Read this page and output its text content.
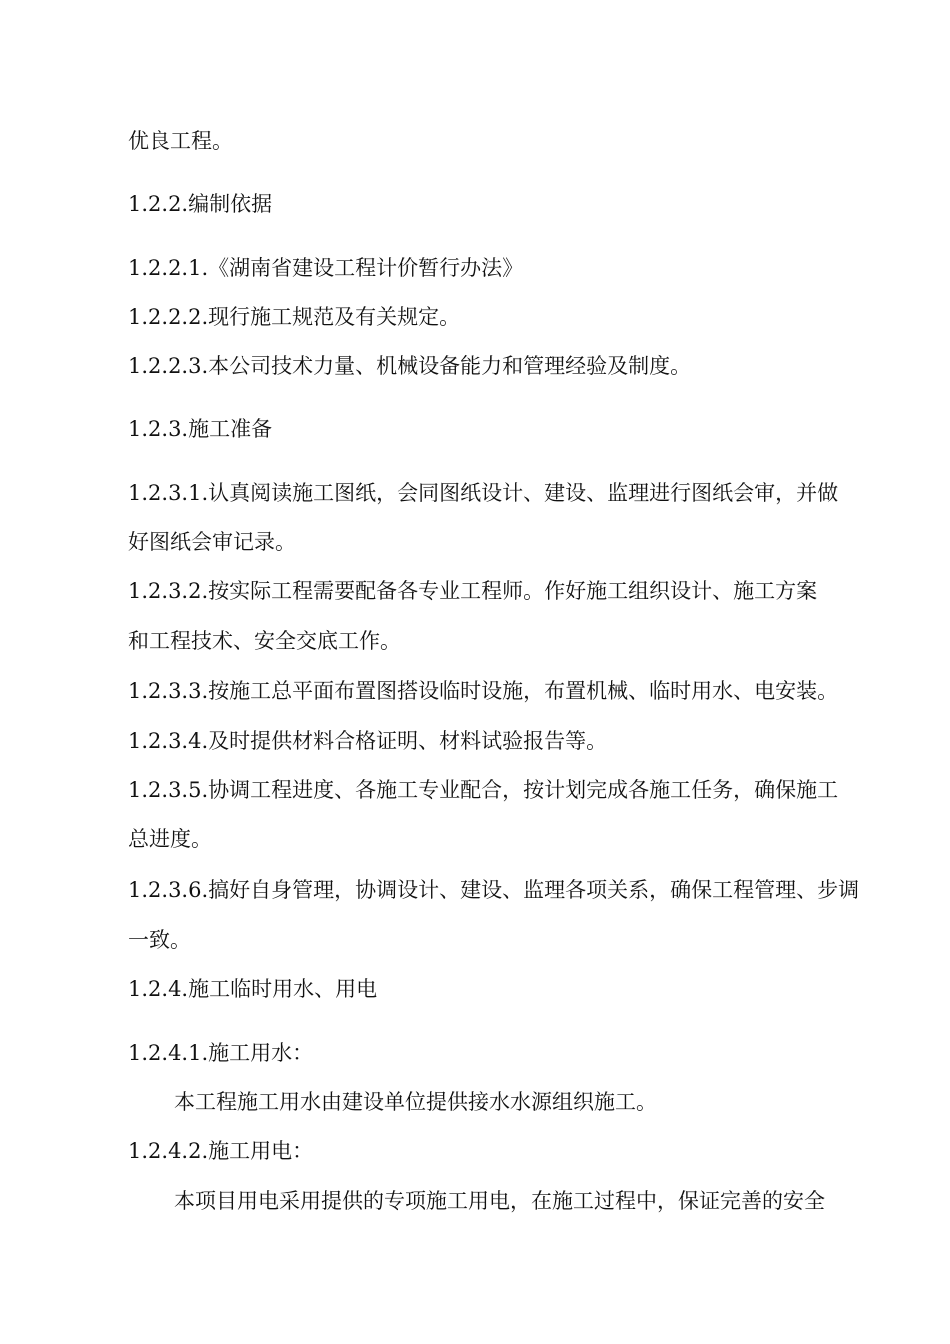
优良工程。
1.2.2.编制依据
1.2.2.1.《湖南省建设工程计价暂行办法》
1.2.2.2.现行施工规范及有关规定。
1.2.2.3.本公司技术力量、机械设备能力和管理经验及制度。
1.2.3.施工准备
1.2.3.1.认真阅读施工图纸，会同图纸设计、建设、监理进行图纸会审，并做
好图纸会审记录。
1.2.3.2.按实际工程需要配备各专业工程师。作好施工组织设计、施工方案
和工程技术、安全交底工作。
1.2.3.3.按施工总平面布置图搭设临时设施，布置机械、临时用水、电安装。
1.2.3.4.及时提供材料合格证明、材料试验报告等。
1.2.3.5.协调工程进度、各施工专业配合，按计划完成各施工任务，确保施工
总进度。
1.2.3.6.搞好自身管理，协调设计、建设、监理各项关系，确保工程管理、步调
一致。
1.2.4.施工临时用水、用电
1.2.4.1.施工用水：
本工程施工用水由建设单位提供接水水源组织施工。
1.2.4.2.施工用电：
本项目用电采用提供的专项施工用电，在施工过程中，保证完善的安全
